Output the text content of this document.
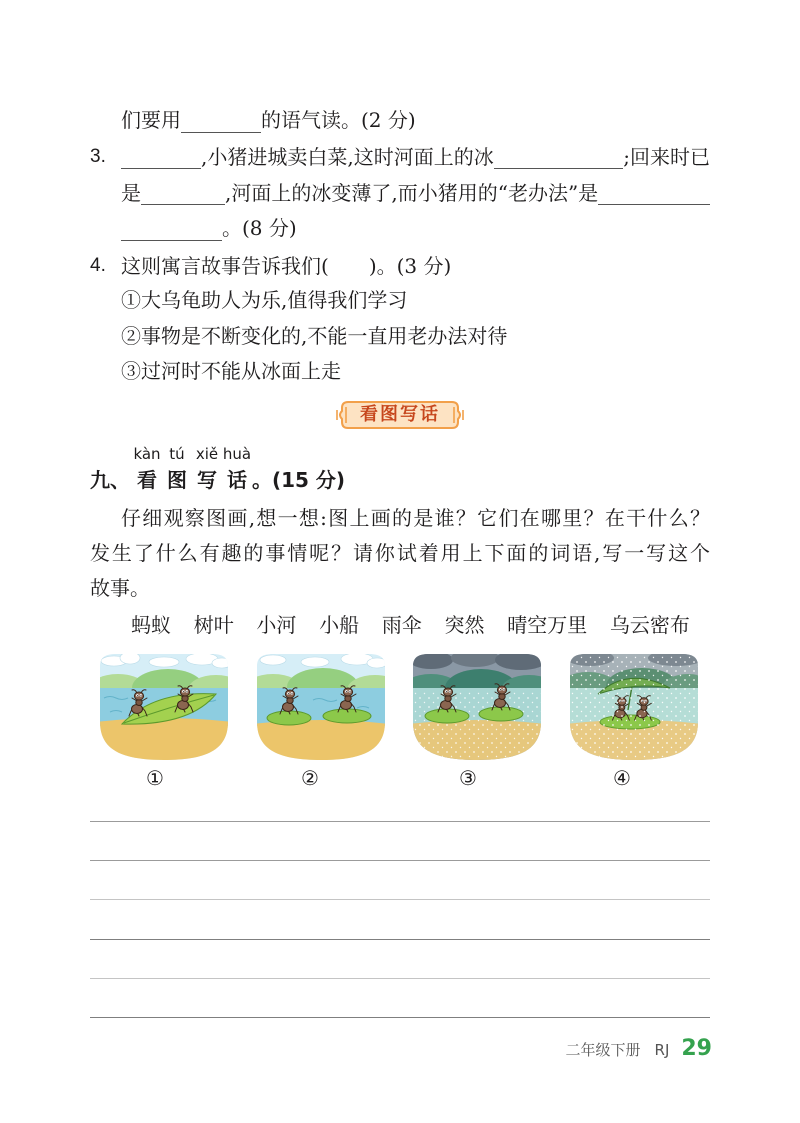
们要用	的语气读。(2 分)
3.	,小猪进城卖白菜,这时河面上的冰	;回来时已
是	,河面上的冰变薄了,而小猪用的“老办法”是
。(8 分)
4. 这则寓言故事告诉我们( )。(3 分)
①大乌龟助人为乐,值得我们学习
②事物是不断变化的,不能一直用老办法对待
③过河时不能从冰面上走
看图写话
kàn tú xiě huà
九、 看 图 写 话 。(15 分)
仔细观察图画,想一想:图上画的是谁？它们在哪里？在干什么？
发生了什么有趣的事情呢？请你试着用上下面的词语,写一写这个
故事。
蚂蚁 树叶 小河 小船 雨伞 突然 晴空万里 乌云密布
①	②	③	④
二年级下册 RJ 29
